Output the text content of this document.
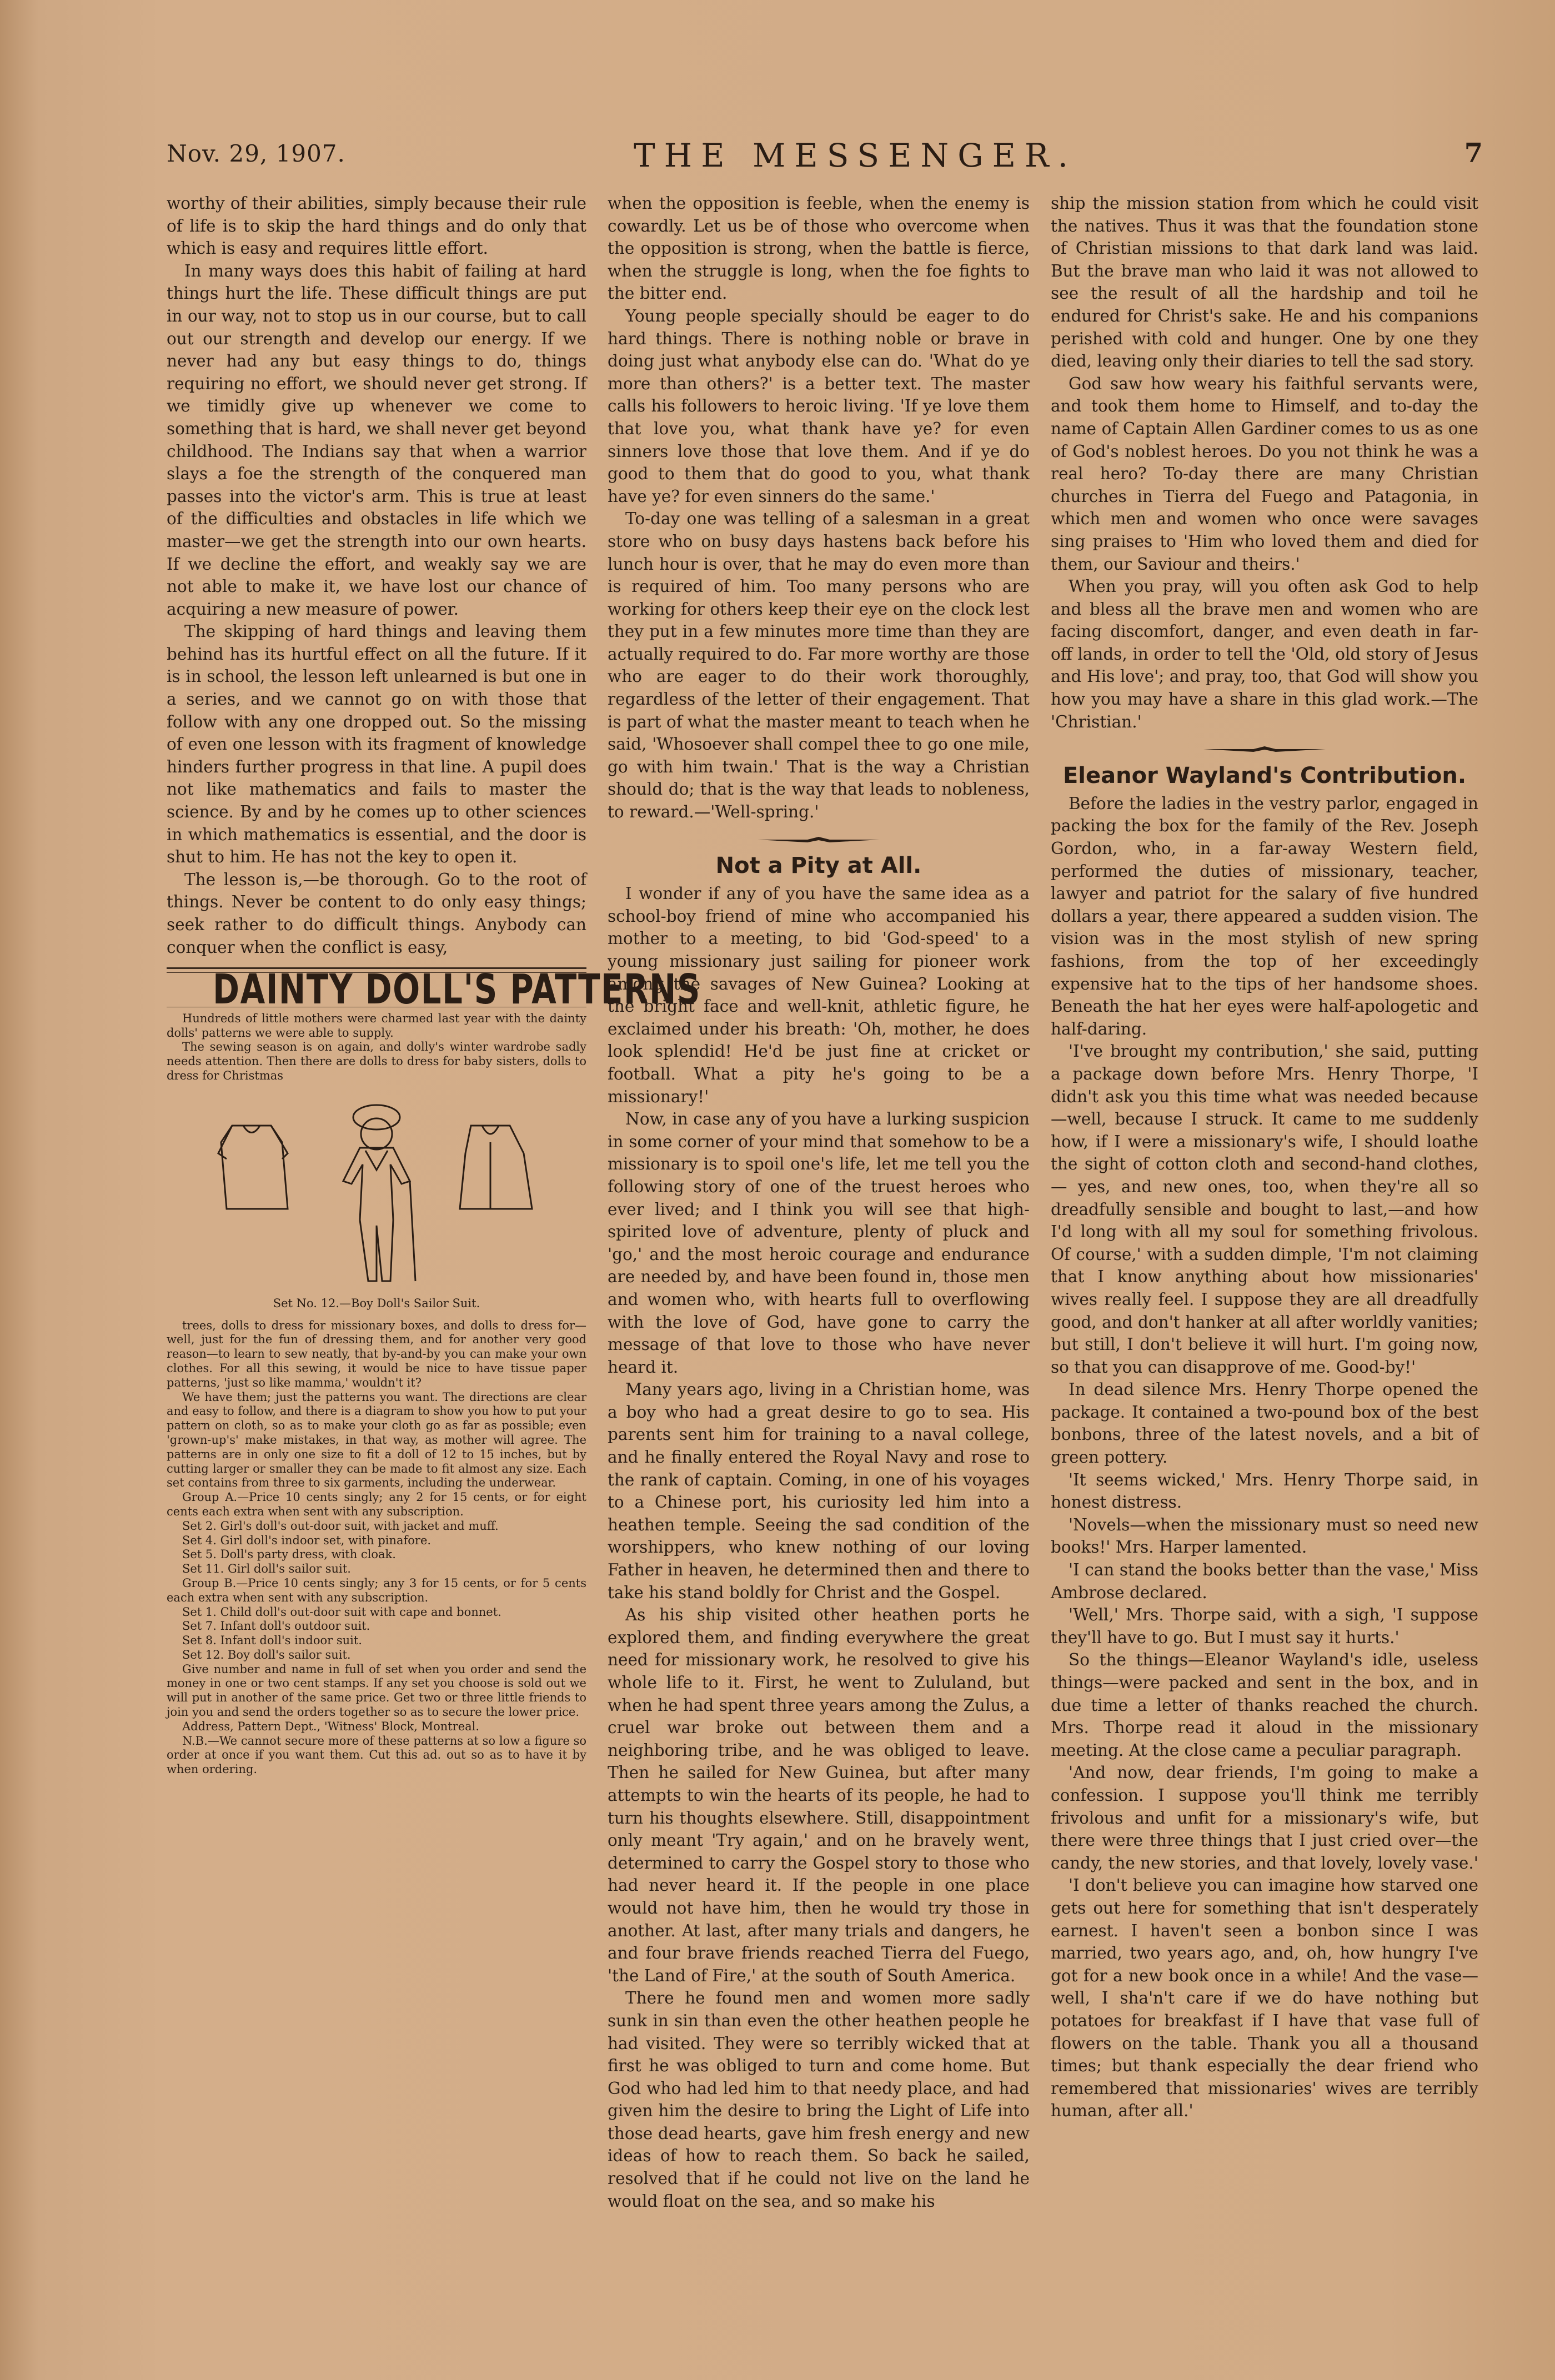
Nov. 29, 1907.	THE MESSENGER.	7

worthy of their abilities, simply because their rule of life is to skip the hard things and do only that which is easy and requires little effort.

In many ways does this habit of failing at hard things hurt the life. These difficult things are put in our way, not to stop us in our course, but to call out our strength and develop our energy. If we never had any but easy things to do, things requiring no effort, we should never get strong. If we timidly give up whenever we come to something that is hard, we shall never get beyond childhood. The Indians say that when a warrior slays a foe the strength of the conquered man passes into the victor's arm. This is true at least of the difficulties and obstacles in life which we master—we get the strength into our own hearts. If we decline the effort, and weakly say we are not able to make it, we have lost our chance of acquiring a new measure of power.

The skipping of hard things and leaving them behind has its hurtful effect on all the future. If it is in school, the lesson left unlearned is but one in a series, and we cannot go on with those that follow with any one dropped out. So the missing of even one lesson with its fragment of knowledge hinders further progress in that line. A pupil does not like mathematics and fails to master the science. By and by he comes up to other sciences in which mathematics is essential, and the door is shut to him. He has not the key to open it.

The lesson is,—be thorough. Go to the root of things. Never be content to do only easy things; seek rather to do difficult things. Anybody can conquer when the conflict is easy,

DAINTY DOLL'S PATTERNS

Hundreds of little mothers were charmed last year with the dainty dolls' patterns we were able to supply.

The sewing season is on again, and dolly's winter wardrobe sadly needs attention. Then there are dolls to dress for baby sisters, dolls to dress for Christmas

Set No. 12.—Boy Doll's Sailor Suit.

trees, dolls to dress for missionary boxes, and dolls to dress for—well, just for the fun of dressing them, and for another very good reason—to learn to sew neatly, that by-and-by you can make your own clothes. For all this sewing, it would be nice to have tissue paper patterns, 'just so like mamma,' wouldn't it?

We have them; just the patterns you want. The directions are clear and easy to follow, and there is a diagram to show you how to put your pattern on cloth, so as to make your cloth go as far as possible; even 'grown-up's' make mistakes, in that way, as mother will agree. The patterns are in only one size to fit a doll of 12 to 15 inches, but by cutting larger or smaller they can be made to fit almost any size. Each set contains from three to six garments, including the underwear.

Group A.—Price 10 cents singly; any 2 for 15 cents, or for eight cents each extra when sent with any subscription.

Set 2. Girl's doll's out-door suit, with jacket and muff.

Set 4. Girl doll's indoor set, with pinafore.

Set 5. Doll's party dress, with cloak.

Set 11. Girl doll's sailor suit.

Group B.—Price 10 cents singly; any 3 for 15 cents, or for 5 cents each extra when sent with any subscription.

Set 1. Child doll's out-door suit with cape and bonnet.

Set 7. Infant doll's outdoor suit.

Set 8. Infant doll's indoor suit.

Set 12. Boy doll's sailor suit.

Give number and name in full of set when you order and send the money in one or two cent stamps. If any set you choose is sold out we will put in another of the same price. Get two or three little friends to join you and send the orders together so as to secure the lower price.

Address, Pattern Dept., 'Witness' Block, Montreal.

N.B.—We cannot secure more of these patterns at so low a figure so order at once if you want them. Cut this ad. out so as to have it by when ordering.

when the opposition is feeble, when the enemy is cowardly. Let us be of those who overcome when the opposition is strong, when the battle is fierce, when the struggle is long, when the foe fights to the bitter end.

Young people specially should be eager to do hard things. There is nothing noble or brave in doing just what anybody else can do. 'What do ye more than others?' is a better text. The master calls his followers to heroic living. 'If ye love them that love you, what thank have ye? for even sinners love those that love them. And if ye do good to them that do good to you, what thank have ye? for even sinners do the same.'

To-day one was telling of a salesman in a great store who on busy days hastens back before his lunch hour is over, that he may do even more than is required of him. Too many persons who are working for others keep their eye on the clock lest they put in a few minutes more time than they are actually required to do. Far more worthy are those who are eager to do their work thoroughly, regardless of the letter of their engagement. That is part of what the master meant to teach when he said, 'Whosoever shall compel thee to go one mile, go with him twain.' That is the way a Christian should do; that is the way that leads to nobleness, to reward.—'Well-spring.'

Not a Pity at All.

I wonder if any of you have the same idea as a school-boy friend of mine who accompanied his mother to a meeting, to bid 'God-speed' to a young missionary just sailing for pioneer work among the savages of New Guinea? Looking at the bright face and well-knit, athletic figure, he exclaimed under his breath: 'Oh, mother, he does look splendid! He'd be just fine at cricket or football. What a pity he's going to be a missionary!'

Now, in case any of you have a lurking suspicion in some corner of your mind that somehow to be a missionary is to spoil one's life, let me tell you the following story of one of the truest heroes who ever lived; and I think you will see that high-spirited love of adventure, plenty of pluck and 'go,' and the most heroic courage and endurance are needed by, and have been found in, those men and women who, with hearts full to overflowing with the love of God, have gone to carry the message of that love to those who have never heard it.

Many years ago, living in a Christian home, was a boy who had a great desire to go to sea. His parents sent him for training to a naval college, and he finally entered the Royal Navy and rose to the rank of captain. Coming, in one of his voyages to a Chinese port, his curiosity led him into a heathen temple. Seeing the sad condition of the worshippers, who knew nothing of our loving Father in heaven, he determined then and there to take his stand boldly for Christ and the Gospel.

As his ship visited other heathen ports he explored them, and finding everywhere the great need for missionary work, he resolved to give his whole life to it. First, he went to Zululand, but when he had spent three years among the Zulus, a cruel war broke out between them and a neighboring tribe, and he was obliged to leave. Then he sailed for New Guinea, but after many attempts to win the hearts of its people, he had to turn his thoughts elsewhere. Still, disappointment only meant 'Try again,' and on he bravely went, determined to carry the Gospel story to those who had never heard it. If the people in one place would not have him, then he would try those in another. At last, after many trials and dangers, he and four brave friends reached Tierra del Fuego, 'the Land of Fire,' at the south of South America.

There he found men and women more sadly sunk in sin than even the other heathen people he had visited. They were so terribly wicked that at first he was obliged to turn and come home. But God who had led him to that needy place, and had given him the desire to bring the Light of Life into those dead hearts, gave him fresh energy and new ideas of how to reach them. So back he sailed, resolved that if he could not live on the land he would float on the sea, and so make his

ship the mission station from which he could visit the natives. Thus it was that the foundation stone of Christian missions to that dark land was laid. But the brave man who laid it was not allowed to see the result of all the hardship and toil he endured for Christ's sake. He and his companions perished with cold and hunger. One by one they died, leaving only their diaries to tell the sad story.

God saw how weary his faithful servants were, and took them home to Himself, and to-day the name of Captain Allen Gardiner comes to us as one of God's noblest heroes. Do you not think he was a real hero? To-day there are many Christian churches in Tierra del Fuego and Patagonia, in which men and women who once were savages sing praises to 'Him who loved them and died for them, our Saviour and theirs.'

When you pray, will you often ask God to help and bless all the brave men and women who are facing discomfort, danger, and even death in far-off lands, in order to tell the 'Old, old story of Jesus and His love'; and pray, too, that God will show you how you may have a share in this glad work.—The 'Christian.'

Eleanor Wayland's Contribution.

Before the ladies in the vestry parlor, engaged in packing the box for the family of the Rev. Joseph Gordon, who, in a far-away Western field, performed the duties of missionary, teacher, lawyer and patriot for the salary of five hundred dollars a year, there appeared a sudden vision. The vision was in the most stylish of new spring fashions, from the top of her exceedingly expensive hat to the tips of her handsome shoes. Beneath the hat her eyes were half-apologetic and half-daring.

'I've brought my contribution,' she said, putting a package down before Mrs. Henry Thorpe, 'I didn't ask you this time what was needed because—well, because I struck. It came to me suddenly how, if I were a missionary's wife, I should loathe the sight of cotton cloth and second-hand clothes,— yes, and new ones, too, when they're all so dreadfully sensible and bought to last,—and how I'd long with all my soul for something frivolous. Of course,' with a sudden dimple, 'I'm not claiming that I know anything about how missionaries' wives really feel. I suppose they are all dreadfully good, and don't hanker at all after worldly vanities; but still, I don't believe it will hurt. I'm going now, so that you can disapprove of me. Good-by!'

In dead silence Mrs. Henry Thorpe opened the package. It contained a two-pound box of the best bonbons, three of the latest novels, and a bit of green pottery.

'It seems wicked,' Mrs. Henry Thorpe said, in honest distress.

'Novels—when the missionary must so need new books!' Mrs. Harper lamented.

'I can stand the books better than the vase,' Miss Ambrose declared.

'Well,' Mrs. Thorpe said, with a sigh, 'I suppose they'll have to go. But I must say it hurts.'

So the things—Eleanor Wayland's idle, useless things—were packed and sent in the box, and in due time a letter of thanks reached the church. Mrs. Thorpe read it aloud in the missionary meeting. At the close came a peculiar paragraph.

'And now, dear friends, I'm going to make a confession. I suppose you'll think me terribly frivolous and unfit for a missionary's wife, but there were three things that I just cried over—the candy, the new stories, and that lovely, lovely vase.'

'I don't believe you can imagine how starved one gets out here for something that isn't desperately earnest. I haven't seen a bonbon since I was married, two years ago, and, oh, how hungry I've got for a new book once in a while! And the vase—well, I sha'n't care if we do have nothing but potatoes for breakfast if I have that vase full of flowers on the table. Thank you all a thousand times; but thank especially the dear friend who remembered that missionaries' wives are terribly human, after all.'
